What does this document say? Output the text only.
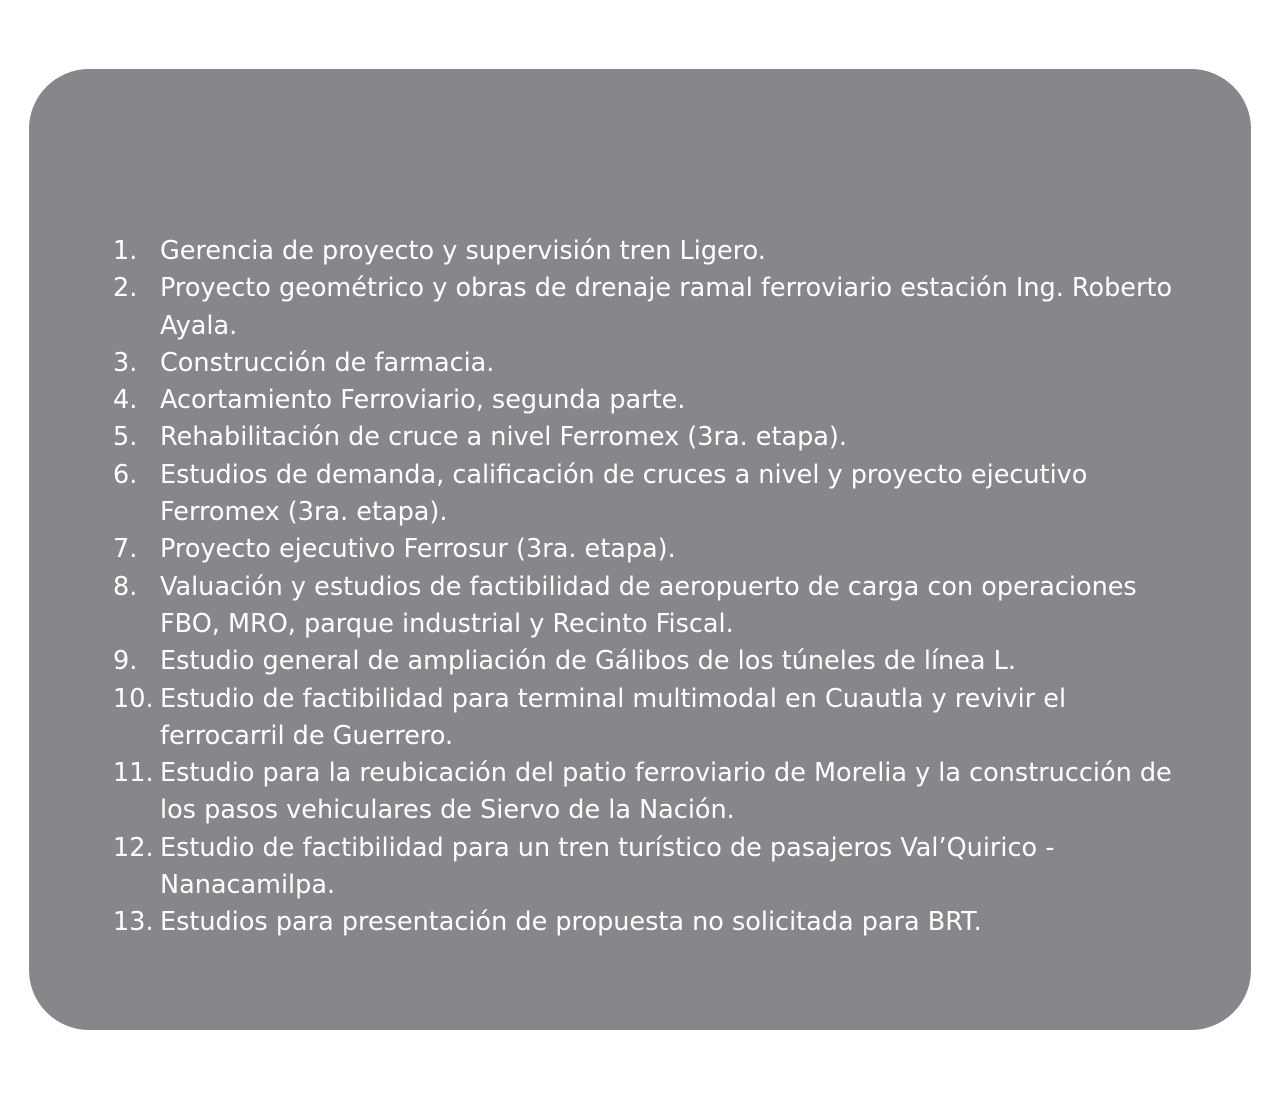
1. Gerencia de proyecto y supervisión tren Ligero.
2. Proyecto geométrico y obras de drenaje ramal ferroviario estación Ing. Roberto Ayala.
3. Construcción de farmacia.
4. Acortamiento Ferroviario, segunda parte.
5. Rehabilitación de cruce a nivel Ferromex (3ra. etapa).
6. Estudios de demanda, calificación de cruces a nivel y proyecto ejecutivo Ferromex (3ra. etapa).
7. Proyecto ejecutivo Ferrosur (3ra. etapa).
8. Valuación y estudios de factibilidad de aeropuerto de carga con operaciones FBO, MRO, parque industrial y Recinto Fiscal.
9. Estudio general de ampliación de Gálibos de los túneles de línea L.
10. Estudio de factibilidad para terminal multimodal en Cuautla y revivir el ferrocarril de Guerrero.
11. Estudio para la reubicación del patio ferroviario de Morelia y la construcción de los pasos vehiculares de Siervo de la Nación.
12. Estudio de factibilidad para un tren turístico de pasajeros Val’Quirico - Nanacamilpa.
13. Estudios para presentación de propuesta no solicitada para BRT.
